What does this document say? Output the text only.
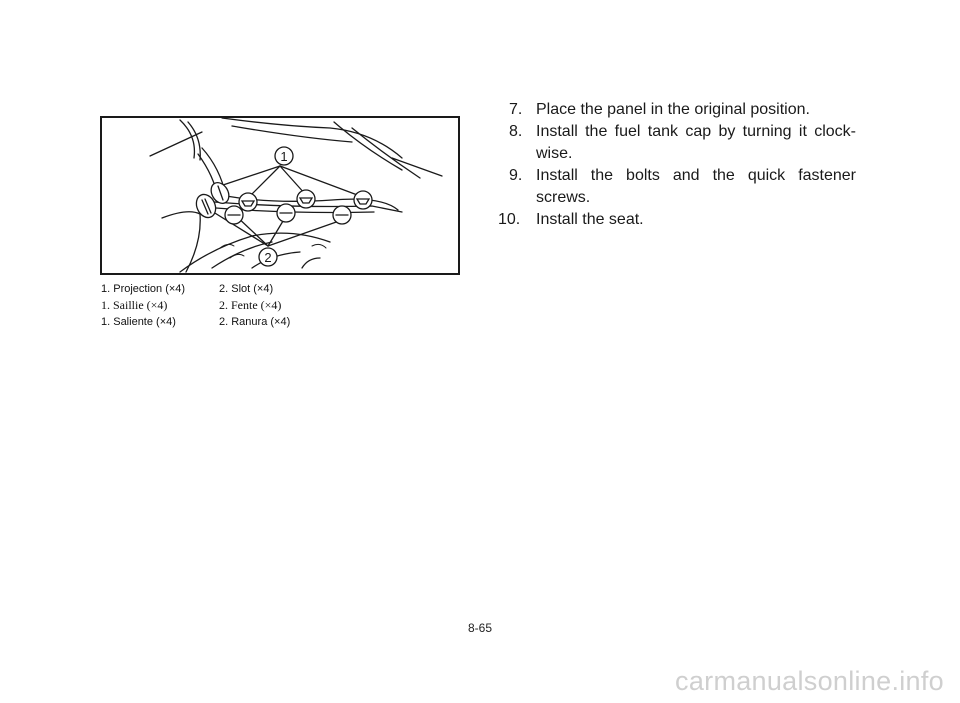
1
2
1. Projection (×4)	2. Slot (×4)
1. Saillie (×4)	2. Fente (×4)
1. Saliente (×4)	2. Ranura (×4)

7. Place the panel in the original position.

8. Install the fuel tank cap by turning it clock-wise.

9. Install the bolts and the quick fastener screws.

10. Install the seat.

8-65
carmanualsonline.info
